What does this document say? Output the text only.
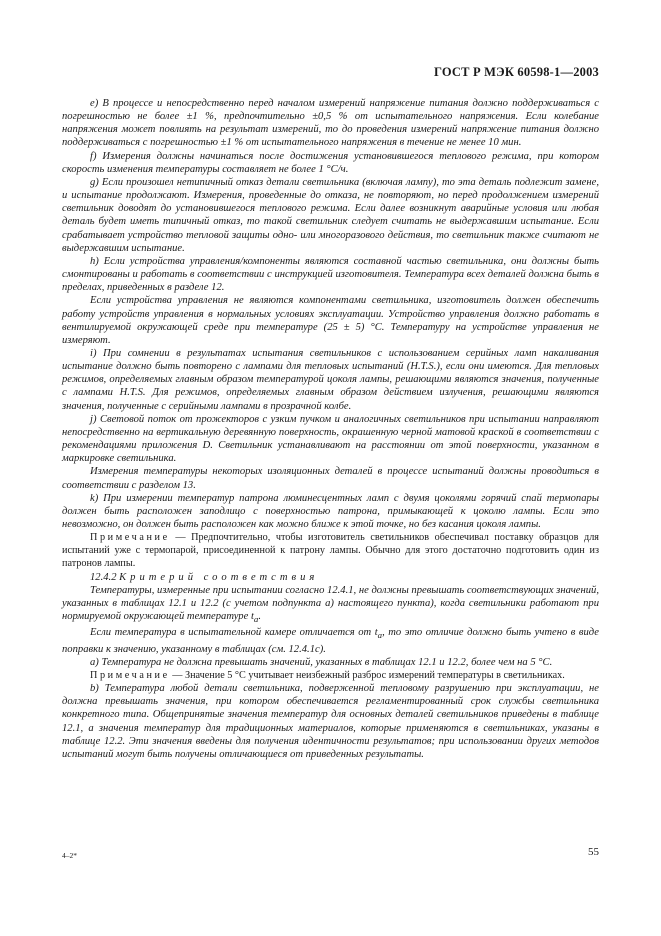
ГОСТ Р МЭК 60598-1—2003

e) В процессе и непосредственно перед началом измерений напряжение питания должно поддерживаться с погрешностью не более ±1 %, предпочтительно ±0,5 % от испытательного напряжения. Если колебание напряжения может повлиять на результат измерений, то до проведения измерений напряжение питания должно поддерживаться с погрешностью ±1 % от испытательного напряжения в течение не менее 10 мин.

f) Измерения должны начинаться после достижения установившегося теплового режима, при котором скорость изменения температуры составляет не более 1 °С/ч.

g) Если произошел нетипичный отказ детали светильника (включая лампу), то эта деталь подлежит замене, и испытание продолжают. Измерения, проведенные до отказа, не повторяют, но перед продолжением измерений светильник доводят до установившегося теплового режима. Если далее возникнут аварийные условия или любая деталь будет иметь типичный отказ, то такой светильник следует считать не выдержавшим испытание. Если срабатывает устройство тепловой защиты одно- или многоразового действия, то светильник также считают не выдержавшим испытание.

h) Если устройства управления/компоненты являются составной частью светильника, они должны быть смонтированы и работать в соответствии с инструкцией изготовителя. Температура всех деталей должна быть в пределах, приведенных в разделе 12.

Если устройства управления не являются компонентами светильника, изготовитель должен обеспечить работу устройств управления в нормальных условиях эксплуатации. Устройство управления должно работать в вентилируемой окружающей среде при температуре (25 ± 5) °С. Температуру на устройстве управления не измеряют.

i) При сомнении в результатах испытания светильников с использованием серийных ламп накаливания испытание должно быть повторено с лампами для тепловых испытаний (H.T.S.), если они имеются. Для тепловых режимов, определяемых главным образом температурой цоколя лампы, решающими являются значения, полученные с лампами H.T.S. Для режимов, определяемых главным образом действием излучения, решающими являются значения, полученные с серийными лампами в прозрачной колбе.

j) Световой поток от прожекторов с узким пучком и аналогичных светильников при испытании направляют непосредственно на вертикальную деревянную поверхность, окрашенную черной матовой краской в соответствии с рекомендациями приложения D. Светильник устанавливают на расстоянии от этой поверхности, указанном в маркировке светильника.

Измерения температуры некоторых изоляционных деталей в процессе испытаний должны проводиться в соответствии с разделом 13.

k) При измерении температур патрона люминесцентных ламп с двумя цоколями горячий спай термопары должен быть расположен заподлицо с поверхностью патрона, примыкающей к цоколю лампы. Если это невозможно, он должен быть расположен как можно ближе к этой точке, но без касания цоколя лампы.

Примечание — Предпочтительно, чтобы изготовитель светильников обеспечивал поставку образцов для испытаний уже с термопарой, присоединенной к патрону лампы. Обычно для этого достаточно подготовить один из патронов лампы.

12.4.2 Критерий соответствия

Температуры, измеренные при испытании согласно 12.4.1, не должны превышать соответствующих значений, указанных в таблицах 12.1 и 12.2 (с учетом подпункта а) настоящего пункта), когда светильники работают при нормируемой окружающей температуре $t_a$.

Если температура в испытательной камере отличается от $t_a$, то это отличие должно быть учтено в виде поправки к значению, указанному в таблицах (см. 12.4.1c).

a) Температура не должна превышать значений, указанных в таблицах 12.1 и 12.2, более чем на 5 °С.

Примечание — Значение 5 °С учитывает неизбежный разброс измерений температуры в светильниках.

b) Температура любой детали светильника, подверженной тепловому разрушению при эксплуатации, не должна превышать значения, при котором обеспечивается регламентированный срок службы светильника конкретного типа. Общепринятые значения температур для основных деталей светильников приведены в таблице 12.1, а значения температур для традиционных материалов, которые применяются в светильниках, указаны в таблице 12.2. Эти значения введены для получения идентичности результатов; при использовании других методов испытаний могут быть получены отличающиеся от приведенных результаты.

4–2*	55
